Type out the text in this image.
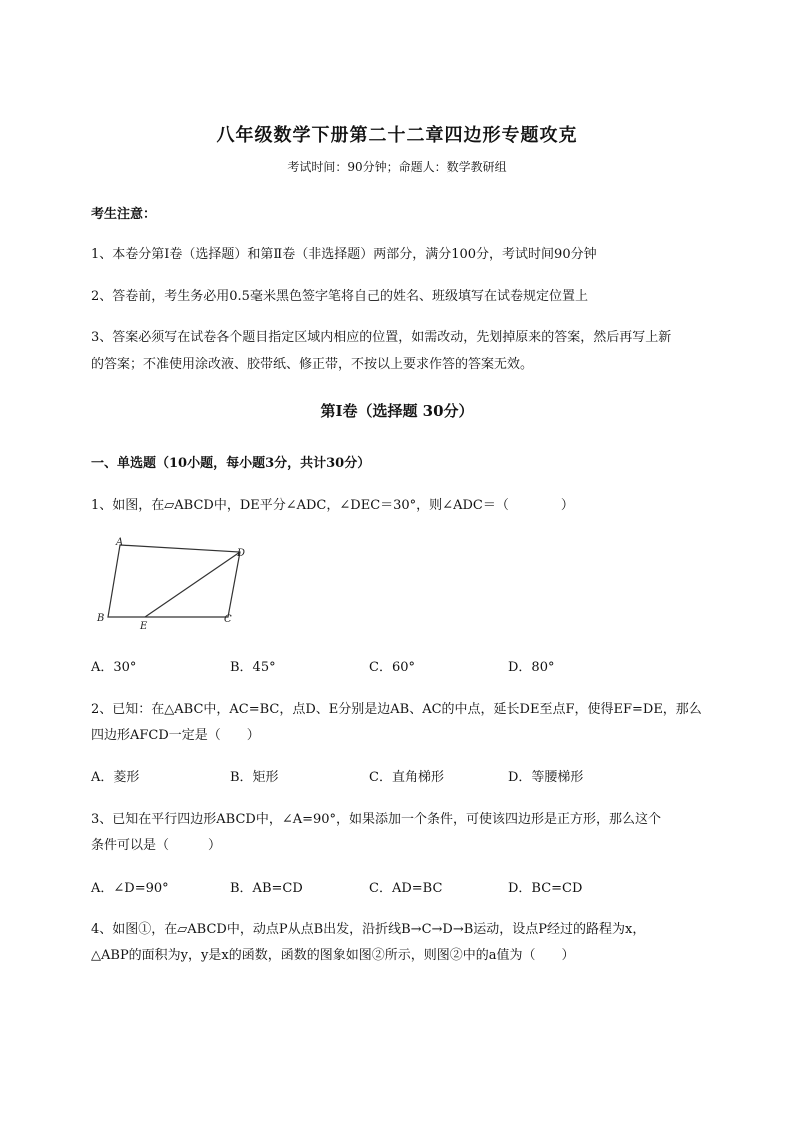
八年级数学下册第二十二章四边形专题攻克
考试时间：90分钟；命题人：数学教研组
考生注意：
1、本卷分第I卷（选择题）和第Ⅱ卷（非选择题）两部分，满分100分，考试时间90分钟
2、答卷前，考生务必用0.5毫米黑色签字笔将自己的姓名、班级填写在试卷规定位置上
3、答案必须写在试卷各个题目指定区域内相应的位置，如需改动，先划掉原来的答案，然后再写上新
的答案；不准使用涂改液、胶带纸、修正带，不按以上要求作答的答案无效。
第I卷（选择题 30分）
一、单选题（10小题，每小题3分，共计30分）
1、如图，在▱ABCD中，DE平分∠ADC，∠DEC＝30°，则∠ADC＝（　　　　）
A
D
B	C
E
A．30°	B．45°	C．60°	D．80°
2、已知：在△ABC中，AC=BC，点D、E分别是边AB、AC的中点，延长DE至点F，使得EF=DE，那么
四边形AFCD一定是（　　）
A．菱形	B．矩形	C．直角梯形	D．等腰梯形
3、已知在平行四边形ABCD中，∠A=90°，如果添加一个条件，可使该四边形是正方形，那么这个
条件可以是（　　　）
A．∠D=90°	B．AB=CD	C．AD=BC	D．BC=CD
4、如图①，在▱ABCD中，动点P从点B出发，沿折线B→C→D→B运动，设点P经过的路程为x，
△ABP的面积为y，y是x的函数，函数的图象如图②所示，则图②中的a值为（　　）
